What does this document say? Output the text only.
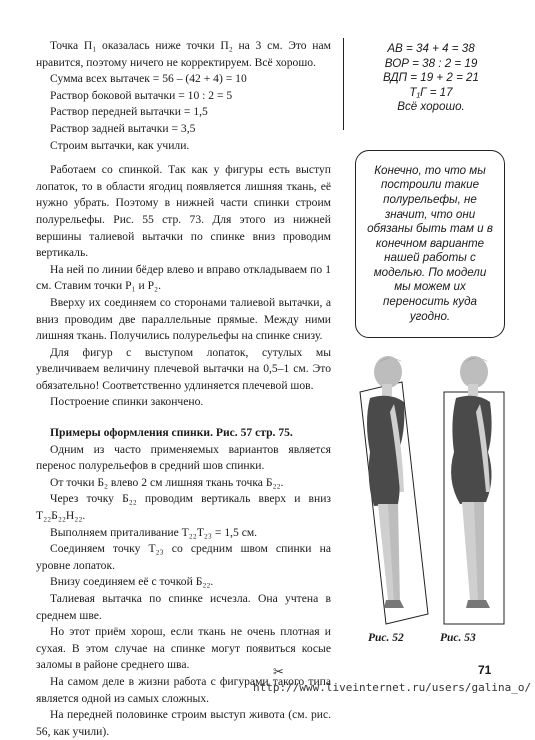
Точка П₁ оказалась ниже точки П₂ на 3 см. Это нам нравится, поэтому ничего не корректируем. Всё хорошо.

Сумма всех вытачек = 56 – (42 + 4) = 10

Раствор боковой вытачки = 10 : 2 = 5

Раствор передней вытачки = 1,5

Раствор задней вытачки = 3,5

Строим вытачки, как учили.

Работаем со спинкой. Так как у фигуры есть выступ лопаток, то в области ягодиц появляется лишняя ткань, её нужно убрать. Поэтому в нижней части спинки строим полурельефы. Рис. 55 стр. 73. Для этого из нижней вершины талиевой вытачки по спинке вниз проводим вертикаль.

На ней по линии бёдер влево и вправо откладываем по 1 см. Ставим точки Р₁ и Р₂.

Вверху их соединяем со сторонами талиевой вытачки, а вниз проводим две параллельные прямые. Между ними лишняя ткань. Получились полурельефы на спинке снизу.

Для фигур с выступом лопаток, сутулых мы увеличиваем величину плечевой вытачки на 0,5–1 см. Это обязательно! Соответственно удлиняется плечевой шов.

Построение спинки закончено.

Примеры оформления спинки. Рис. 57 стр. 75.

Одним из часто применяемых вариантов является перенос полурельефов в средний шов спинки.

От точки Б₂ влево 2 см лишняя ткань точка Б₂₂.

Через точку Б₂₂ проводим вертикаль вверх и вниз Т₂₂Б₂₂Н₂₂.

Выполняем приталивание Т₂₂Т₂₃ = 1,5 см.

Соединяем точку Т₂₃ со средним швом спинки на уровне лопаток.

Внизу соединяем её с точкой Б₂₂.

Талиевая вытачка по спинке исчезла. Она учтена в среднем шве.

Но этот приём хорош, если ткань не очень плотная и сухая. В этом случае на спинке могут появиться косые заломы в районе среднего шва.

На самом деле в жизни работа с фигурами такого типа является одной из самых сложных.

На передней половинке строим выступ живота (см. рис. 56, как учили).

АВ = 34 + 4 = 38
ВОР = 38 : 2 = 19
ВДП = 19 + 2 = 21
Т₁Г = 17
Всё хорошо.
Конечно, то что мы построили такие полурельефы, не значит, что они обязаны быть там и в конечном варианте нашей работы с моделью. По модели мы можем их переносить куда угодно.
Рис. 52	Рис. 53
✂	71
http://www.liveinternet.ru/users/galina_o/
